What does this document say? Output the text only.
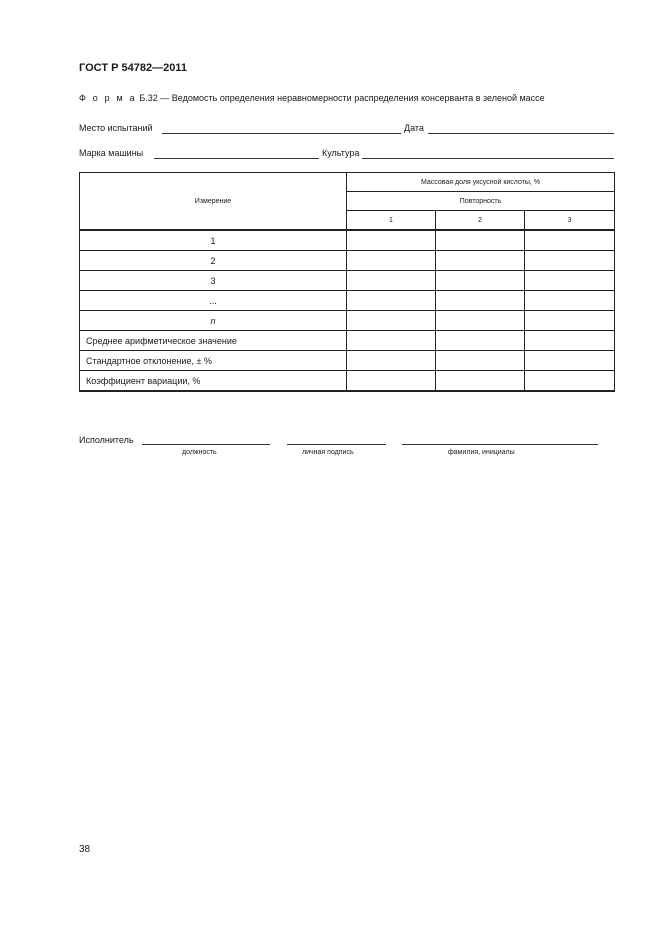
ГОСТ Р 54782—2011
Ф о р м а Б.32 — Ведомость определения неравномерности распределения консерванта в зеленой массе
Место испытаний	Дата
Марка машины	Культура
Измерение	Массовая доля уксусной кислоты, %		
	Повторность		
	1	2	3
1			
2			
3			
...			
n			
Среднее арифметическое значение			
Стандартное отклонение, ± %			
Коэффициент вариации, %			
Исполнитель
должность	личная подпись	фамилия, инициалы
38
